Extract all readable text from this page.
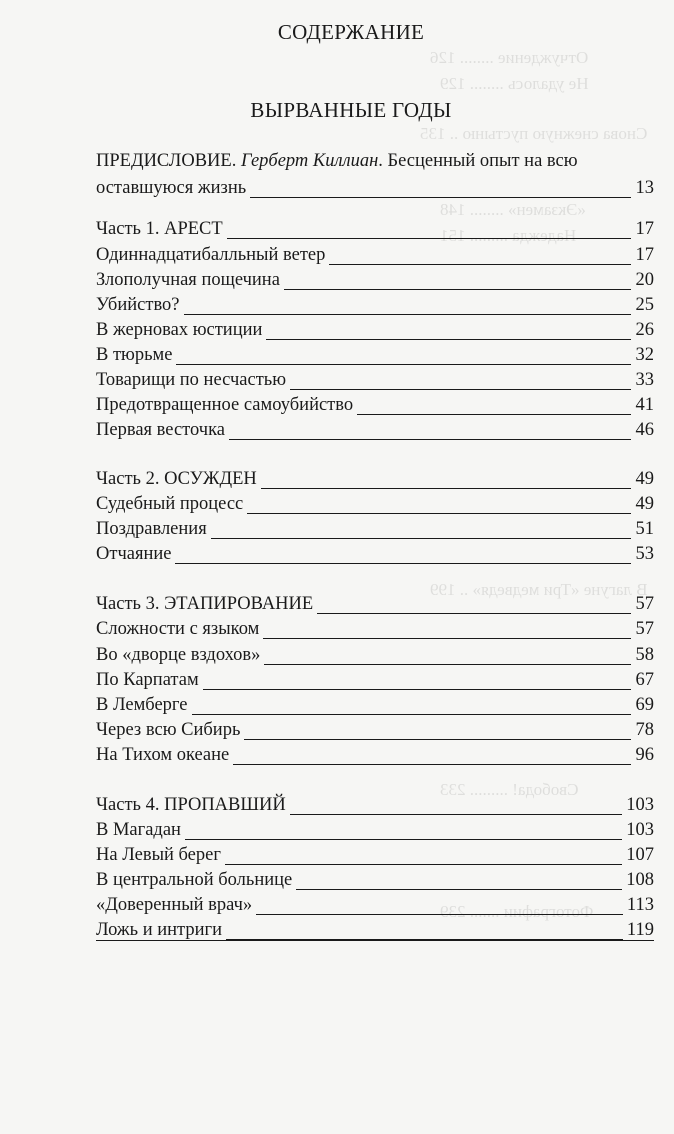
Отчуждение ........ 126
Не удалось ........ 129
Снова снежную пустыню .. 135
«Экзамен» ........ 148
Надежда ......... 151
В лагуне «Три медведя» .. 199
Свобода! ......... 233
Фотографии ....... 239
СОДЕРЖАНИЕ
ВЫРВАННЫЕ ГОДЫ
ПРЕДИСЛОВИЕ. Герберт Киллиан. Бесценный опыт на всю
оставшуюся жизнь	13
Часть 1. АРЕСТ	17
Одиннадцатибалльный ветер	17
Злополучная пощечина	20
Убийство?	25
В жерновах юстиции	26
В тюрьме	32
Товарищи по несчастью	33
Предотвращенное самоубийство	41
Первая весточка	46
Часть 2. ОСУЖДЕН	49
Судебный процесс	49
Поздравления	51
Отчаяние	53
Часть 3. ЭТАПИРОВАНИЕ	57
Сложности с языком	57
Во «дворце вздохов»	58
По Карпатам	67
В Лемберге	69
Через всю Сибирь	78
На Тихом океане	96
Часть 4. ПРОПАВШИЙ	103
В Магадан	103
На Левый берег	107
В центральной больнице	108
«Доверенный врач»	113
Ложь и интриги	119
